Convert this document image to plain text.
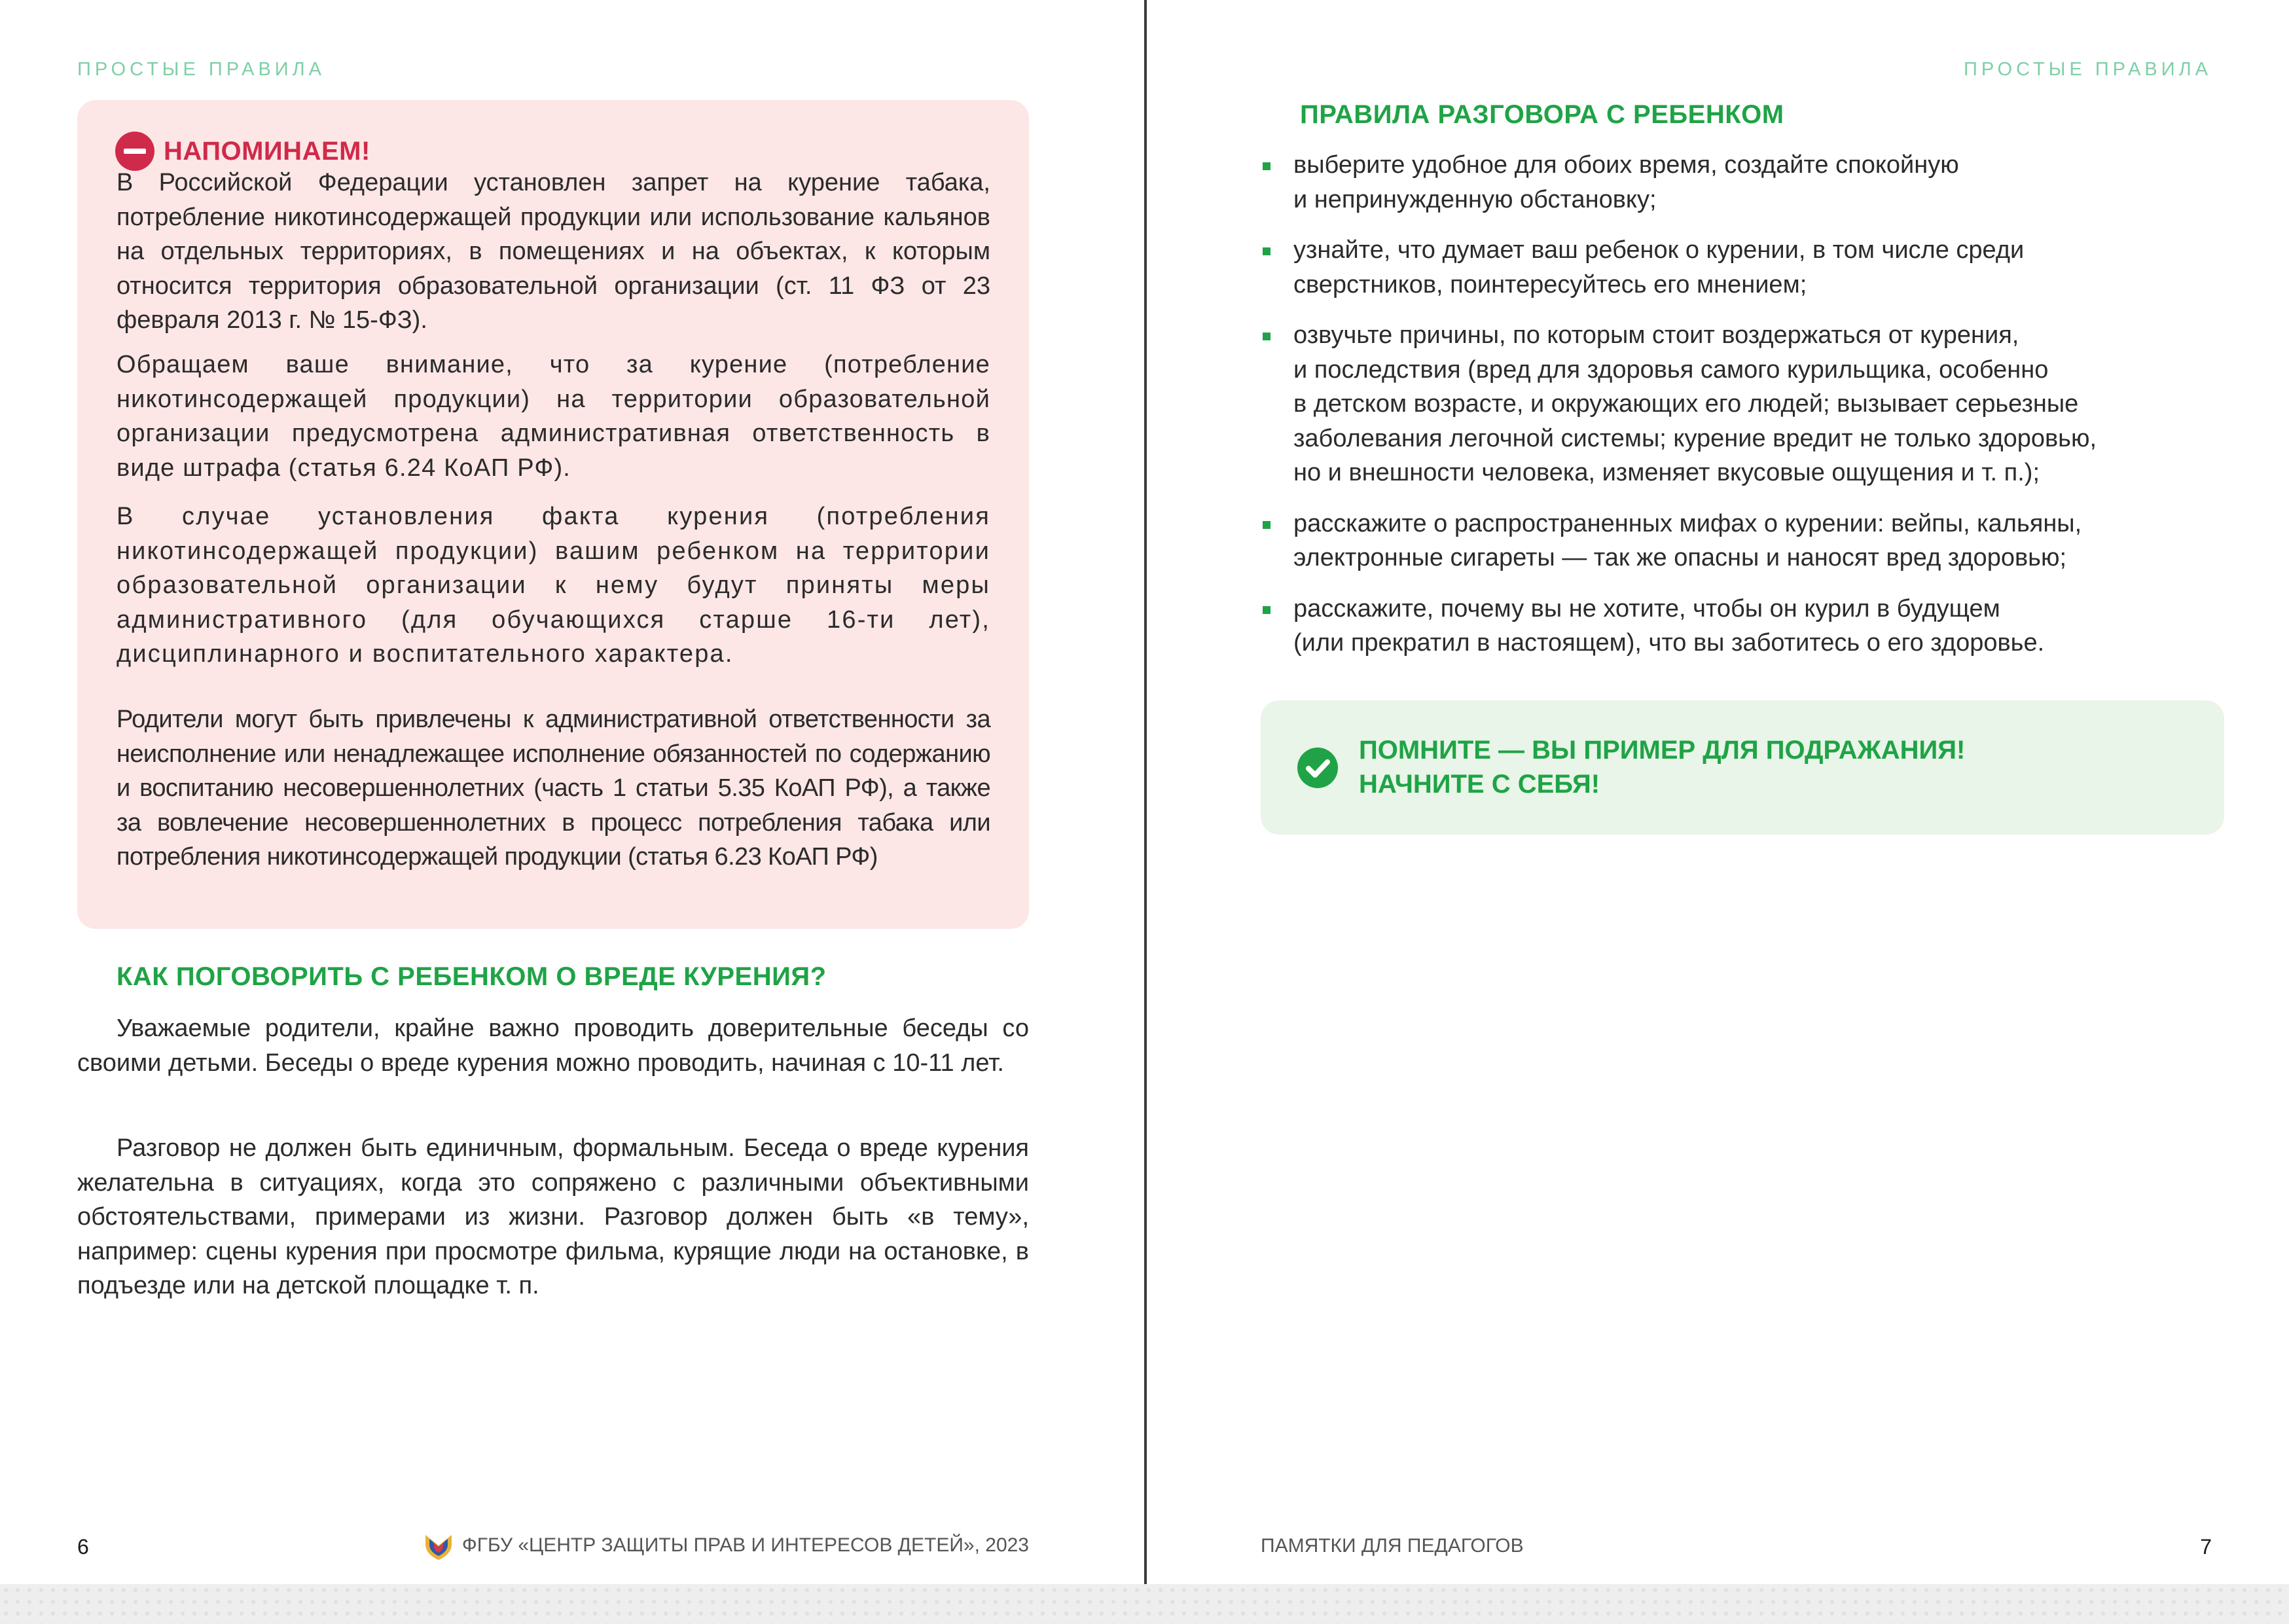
ПРОСТЫЕ ПРАВИЛА
НАПОМИНАЕМ!

В Российской Федерации установлен запрет на курение табака, потребление никотинсодержащей продукции или использование кальянов на отдельных территориях, в помещениях и на объектах, к которым относится территория образовательной организации (ст. 11 ФЗ от 23 февраля 2013 г. № 15-ФЗ).

Обращаем ваше внимание, что за курение (потребление никотинсодержащей продукции) на территории образовательной организации предусмотрена административная ответственность в виде штрафа (статья 6.24 КоАП РФ).

В случае установления факта курения (потребления никотинсодержащей продукции) вашим ребенком на территории образовательной организации к нему будут приняты меры административного (для обучающихся старше 16-ти лет), дисциплинарного и воспитательного характера.

Родители могут быть привлечены к административной ответственности за неисполнение или ненадлежащее исполнение обязанностей по содержанию и воспитанию несовершеннолетних (часть 1 статьи 5.35 КоАП РФ), а также за вовлечение несовершеннолетних в процесс потребления табака или потребления никотинсодержащей продукции (статья 6.23 КоАП РФ)

КАК ПОГОВОРИТЬ С РЕБЕНКОМ О ВРЕДЕ КУРЕНИЯ?

Уважаемые родители, крайне важно проводить доверительные беседы со своими детьми. Беседы о вреде курения можно проводить, начиная с 10-11 лет.

Разговор не должен быть единичным, формальным. Беседа о вреде курения желательна в ситуациях, когда это сопряжено с различными объективными обстоятельствами, примерами из жизни. Разговор должен быть «в тему», например: сцены курения при просмотре фильма, курящие люди на остановке, в подъезде или на детской площадке т. п.

6	ФГБУ «ЦЕНТР ЗАЩИТЫ ПРАВ И ИНТЕРЕСОВ ДЕТЕЙ», 2023
ПРОСТЫЕ ПРАВИЛА
ПРАВИЛА РАЗГОВОРА С РЕБЕНКОМ
выберите удобное для обоих время, создайте спокойную
и непринужденную обстановку;
узнайте, что думает ваш ребенок о курении, в том числе среди
сверстников, поинтересуйтесь его мнением;
озвучьте причины, по которым стоит воздержаться от курения,
и последствия (вред для здоровья самого курильщика, особенно
в детском возрасте, и окружающих его людей; вызывает серьезные
заболевания легочной системы; курение вредит не только здоровью,
но и внешности человека, изменяет вкусовые ощущения и т. п.);
расскажите о распространенных мифах о курении: вейпы, кальяны,
электронные сигареты — так же опасны и наносят вред здоровью;
расскажите, почему вы не хотите, чтобы он курил в будущем
(или прекратил в настоящем), что вы заботитесь о его здоровье.
ПОМНИТЕ — ВЫ ПРИМЕР ДЛЯ ПОДРАЖАНИЯ!
НАЧНИТЕ С СЕБЯ!
ПАМЯТКИ ДЛЯ ПЕДАГОГОВ	7
